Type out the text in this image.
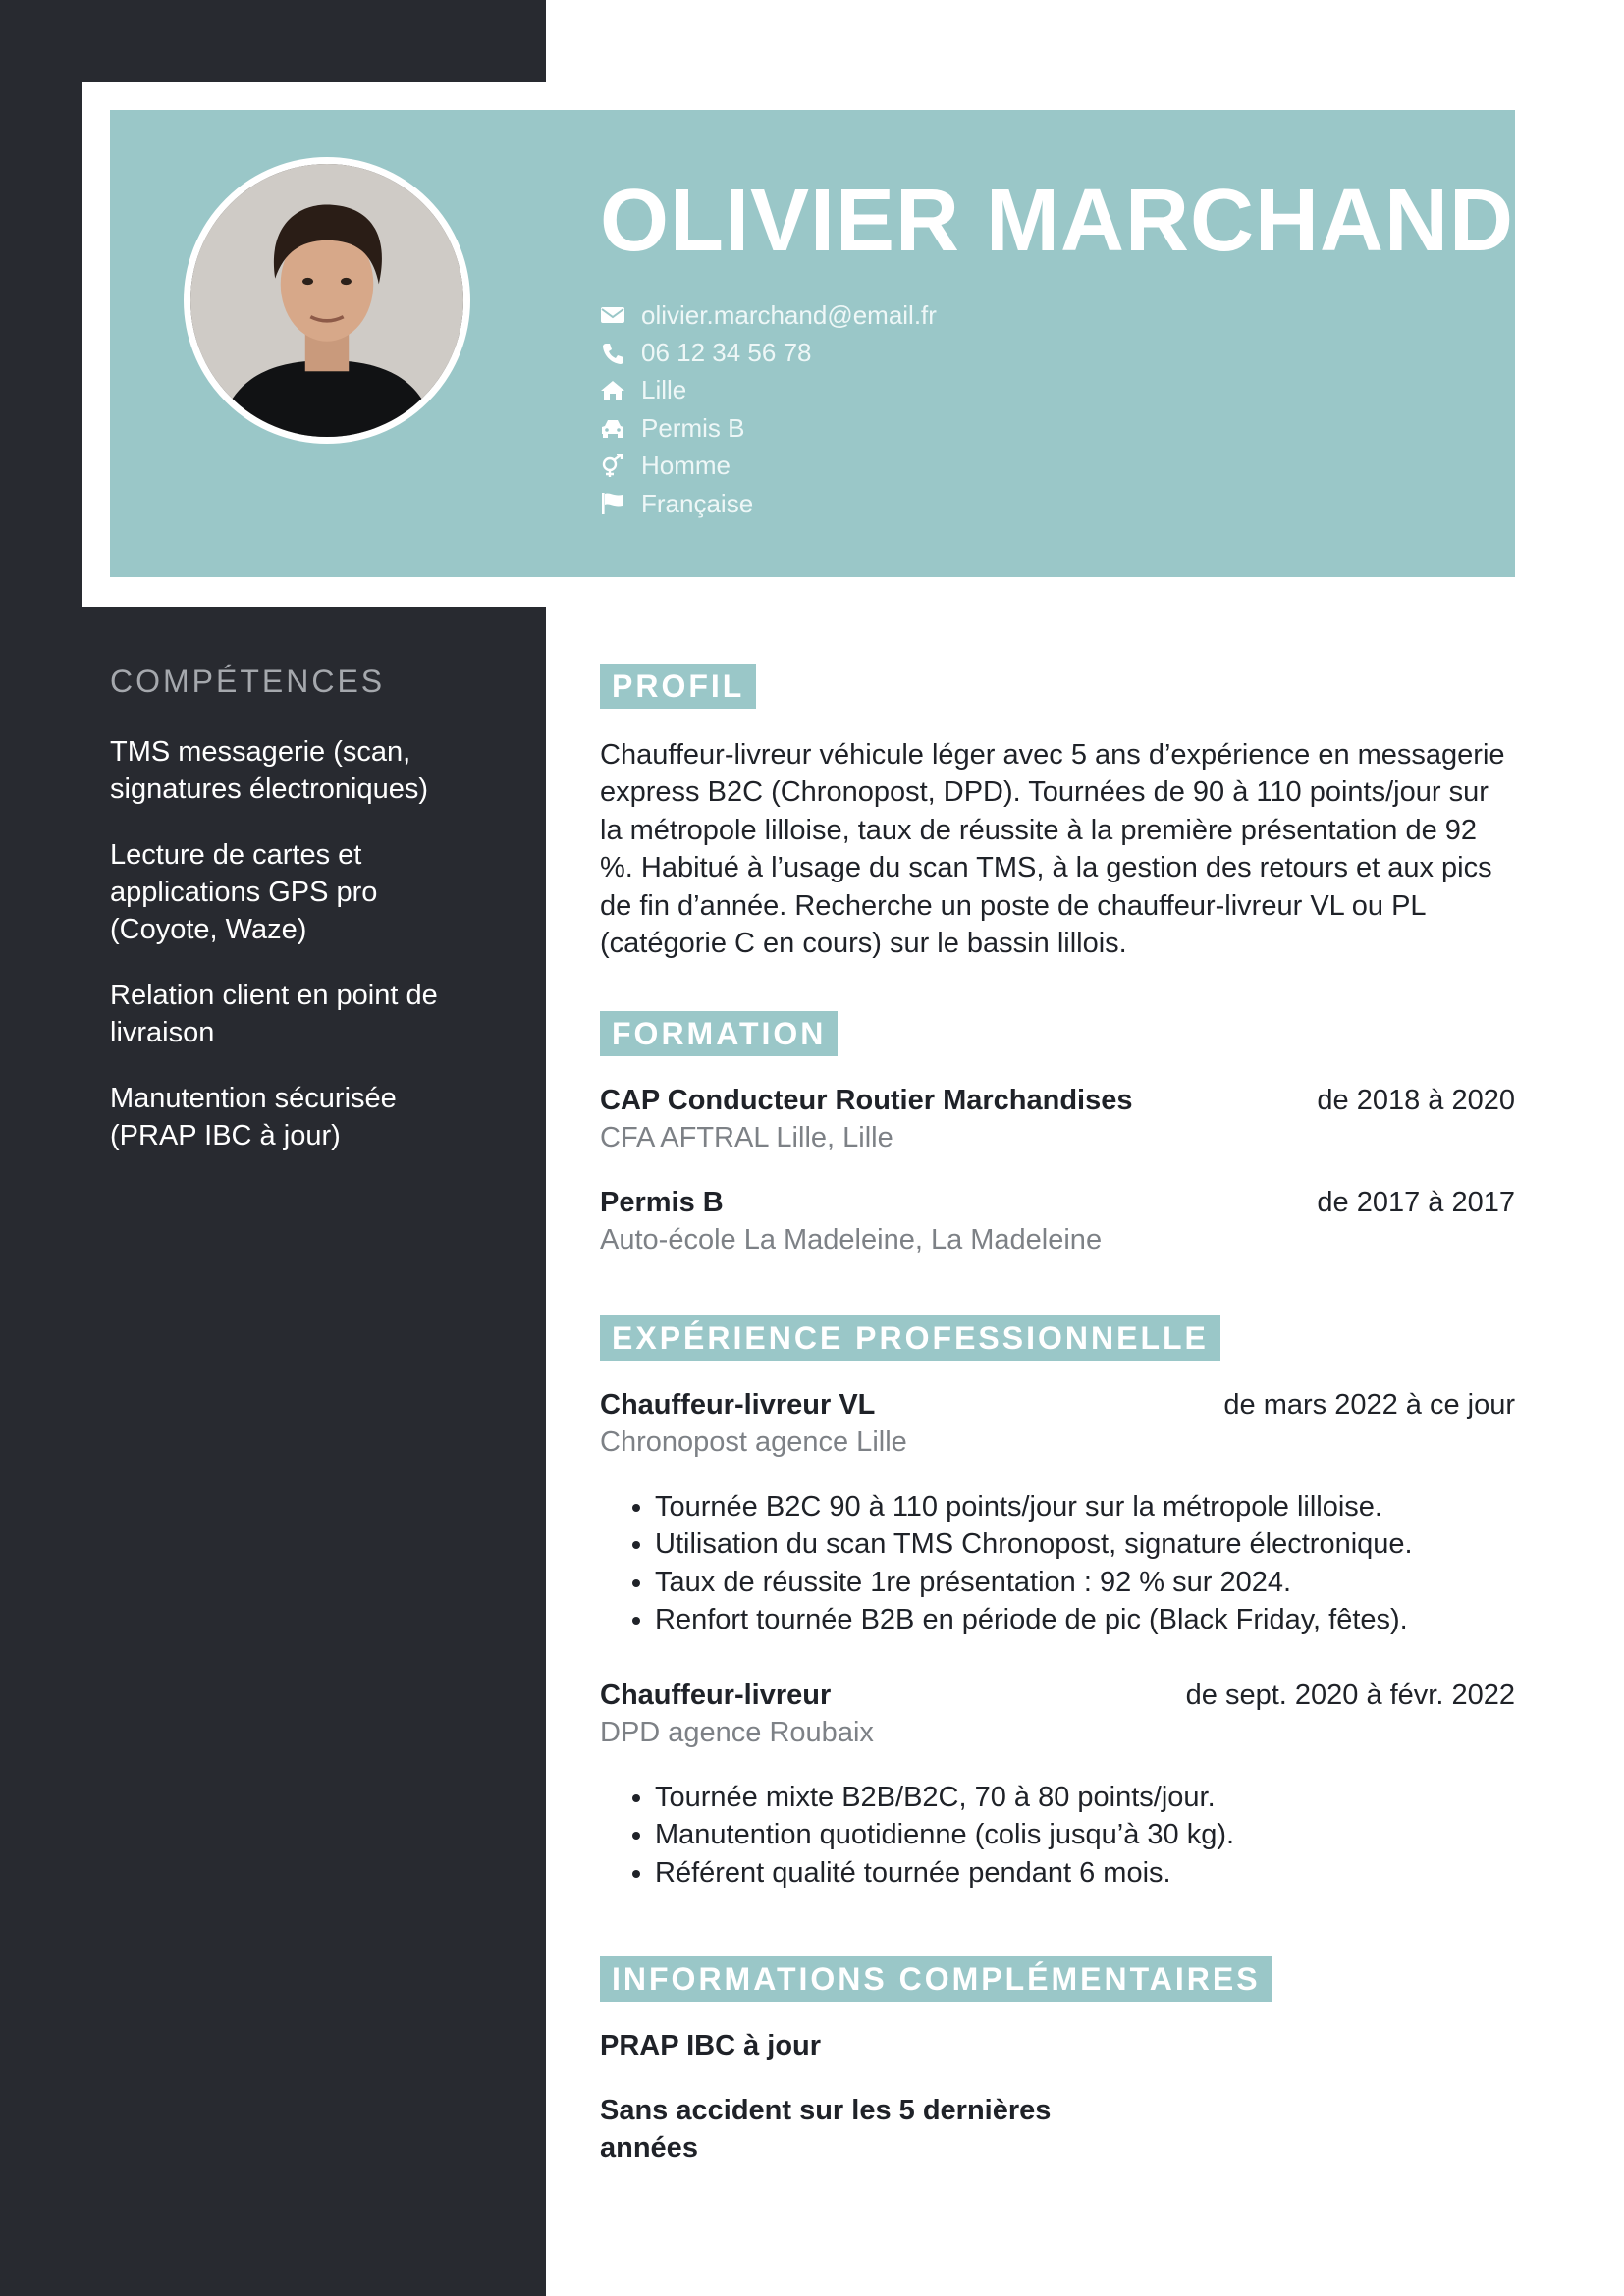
OLIVIER MARCHAND
olivier.marchand@email.fr
06 12 34 56 78
Lille
Permis B
Homme
Française
COMPÉTENCES

TMS messagerie (scan, signatures électroniques)

Lecture de cartes et applications GPS pro (Coyote, Waze)

Relation client en point de livraison

Manutention sécurisée (PRAP IBC à jour)

PROFIL

Chauffeur-livreur véhicule léger avec 5 ans d’expérience en messagerie express B2C (Chronopost, DPD). Tournées de 90 à 110 points/jour sur la métropole lilloise, taux de réussite à la première présentation de 92 %. Habitué à l’usage du scan TMS, à la gestion des retours et aux pics de fin d’année. Recherche un poste de chauffeur-livreur VL ou PL (catégorie C en cours) sur le bassin lillois.

FORMATION
CAP Conducteur Routier Marchandises	de 2018 à 2020
CFA AFTRAL Lille, Lille
Permis B	de 2017 à 2017
Auto-école La Madeleine, La Madeleine
EXPÉRIENCE PROFESSIONNELLE
Chauffeur-livreur VL	de mars 2022 à ce jour
Chronopost agence Lille
• Tournée B2C 90 à 110 points/jour sur la métropole lilloise.
• Utilisation du scan TMS Chronopost, signature électronique.
• Taux de réussite 1re présentation : 92 % sur 2024.
• Renfort tournée B2B en période de pic (Black Friday, fêtes).
Chauffeur-livreur	de sept. 2020 à févr. 2022
DPD agence Roubaix
• Tournée mixte B2B/B2C, 70 à 80 points/jour.
• Manutention quotidienne (colis jusqu’à 30 kg).
• Référent qualité tournée pendant 6 mois.
INFORMATIONS COMPLÉMENTAIRES

PRAP IBC à jour

Sans accident sur les 5 dernières années
